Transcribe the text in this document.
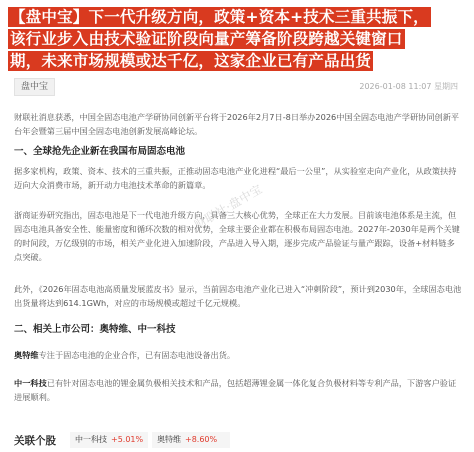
【盘中宝】下一代升级方向，政策+资本+技术三重共振下，
该行业步入由技术验证阶段向量产筹备阶段跨越关键窗口
期，未来市场规模或达千亿，这家企业已有产品出货
盘中宝	2026-01-08 11:07 星期四
财联社消息获悉，中国全固态电池产学研协同创新平台将于2026年2月7日-8日举办2026中国全固态电池产学研协同创新平台年会暨第三届中国全固态电池创新发展高峰论坛。
一、全球抢先企业新在我国布局固态电池
据多家机构，政策、资本、技术的三重共振，正推动固态电池产业化进程“最后一公里”，从实验室走向产业化，从政策扶持迈向大众消费市场，新开动力电池技术革命的新篇章。
浙商证券研究指出，固态电池是下一代电池升级方向，具备三大核心优势，全球正在大力发展。目前该电池体系是主流，但固态电池具备安全性、能量密度和循环次数的相对优势，全球主要企业都在积极布局固态电池。2027年-2030年是两个关键的时间段，万亿级别的市场，相关产业化进入加速阶段，产品进入导入期，逐步完成产品验证与量产跟踪，设备+材料链多点突破。
此外，《2026年固态电池高质量发展蓝皮书》显示，当前固态电池产业化已进入“冲刺阶段”，预计到2030年，全球固态电池出货量将达到614.1GWh，对应的市场规模或超过千亿元规模。
二、相关上市公司：奥特维、中一科技
奥特维专注于固态电池的企业合作，已有固态电池设备出货。
中一科技已有针对固态电池的锂金属负极相关技术和产品，包括超薄锂金属一体化复合负极材料等专利产品，下游客户验证进展顺利。
财联社·盘中宝
关联个股	中一科技 +5.01%	奥特维 +8.60%
